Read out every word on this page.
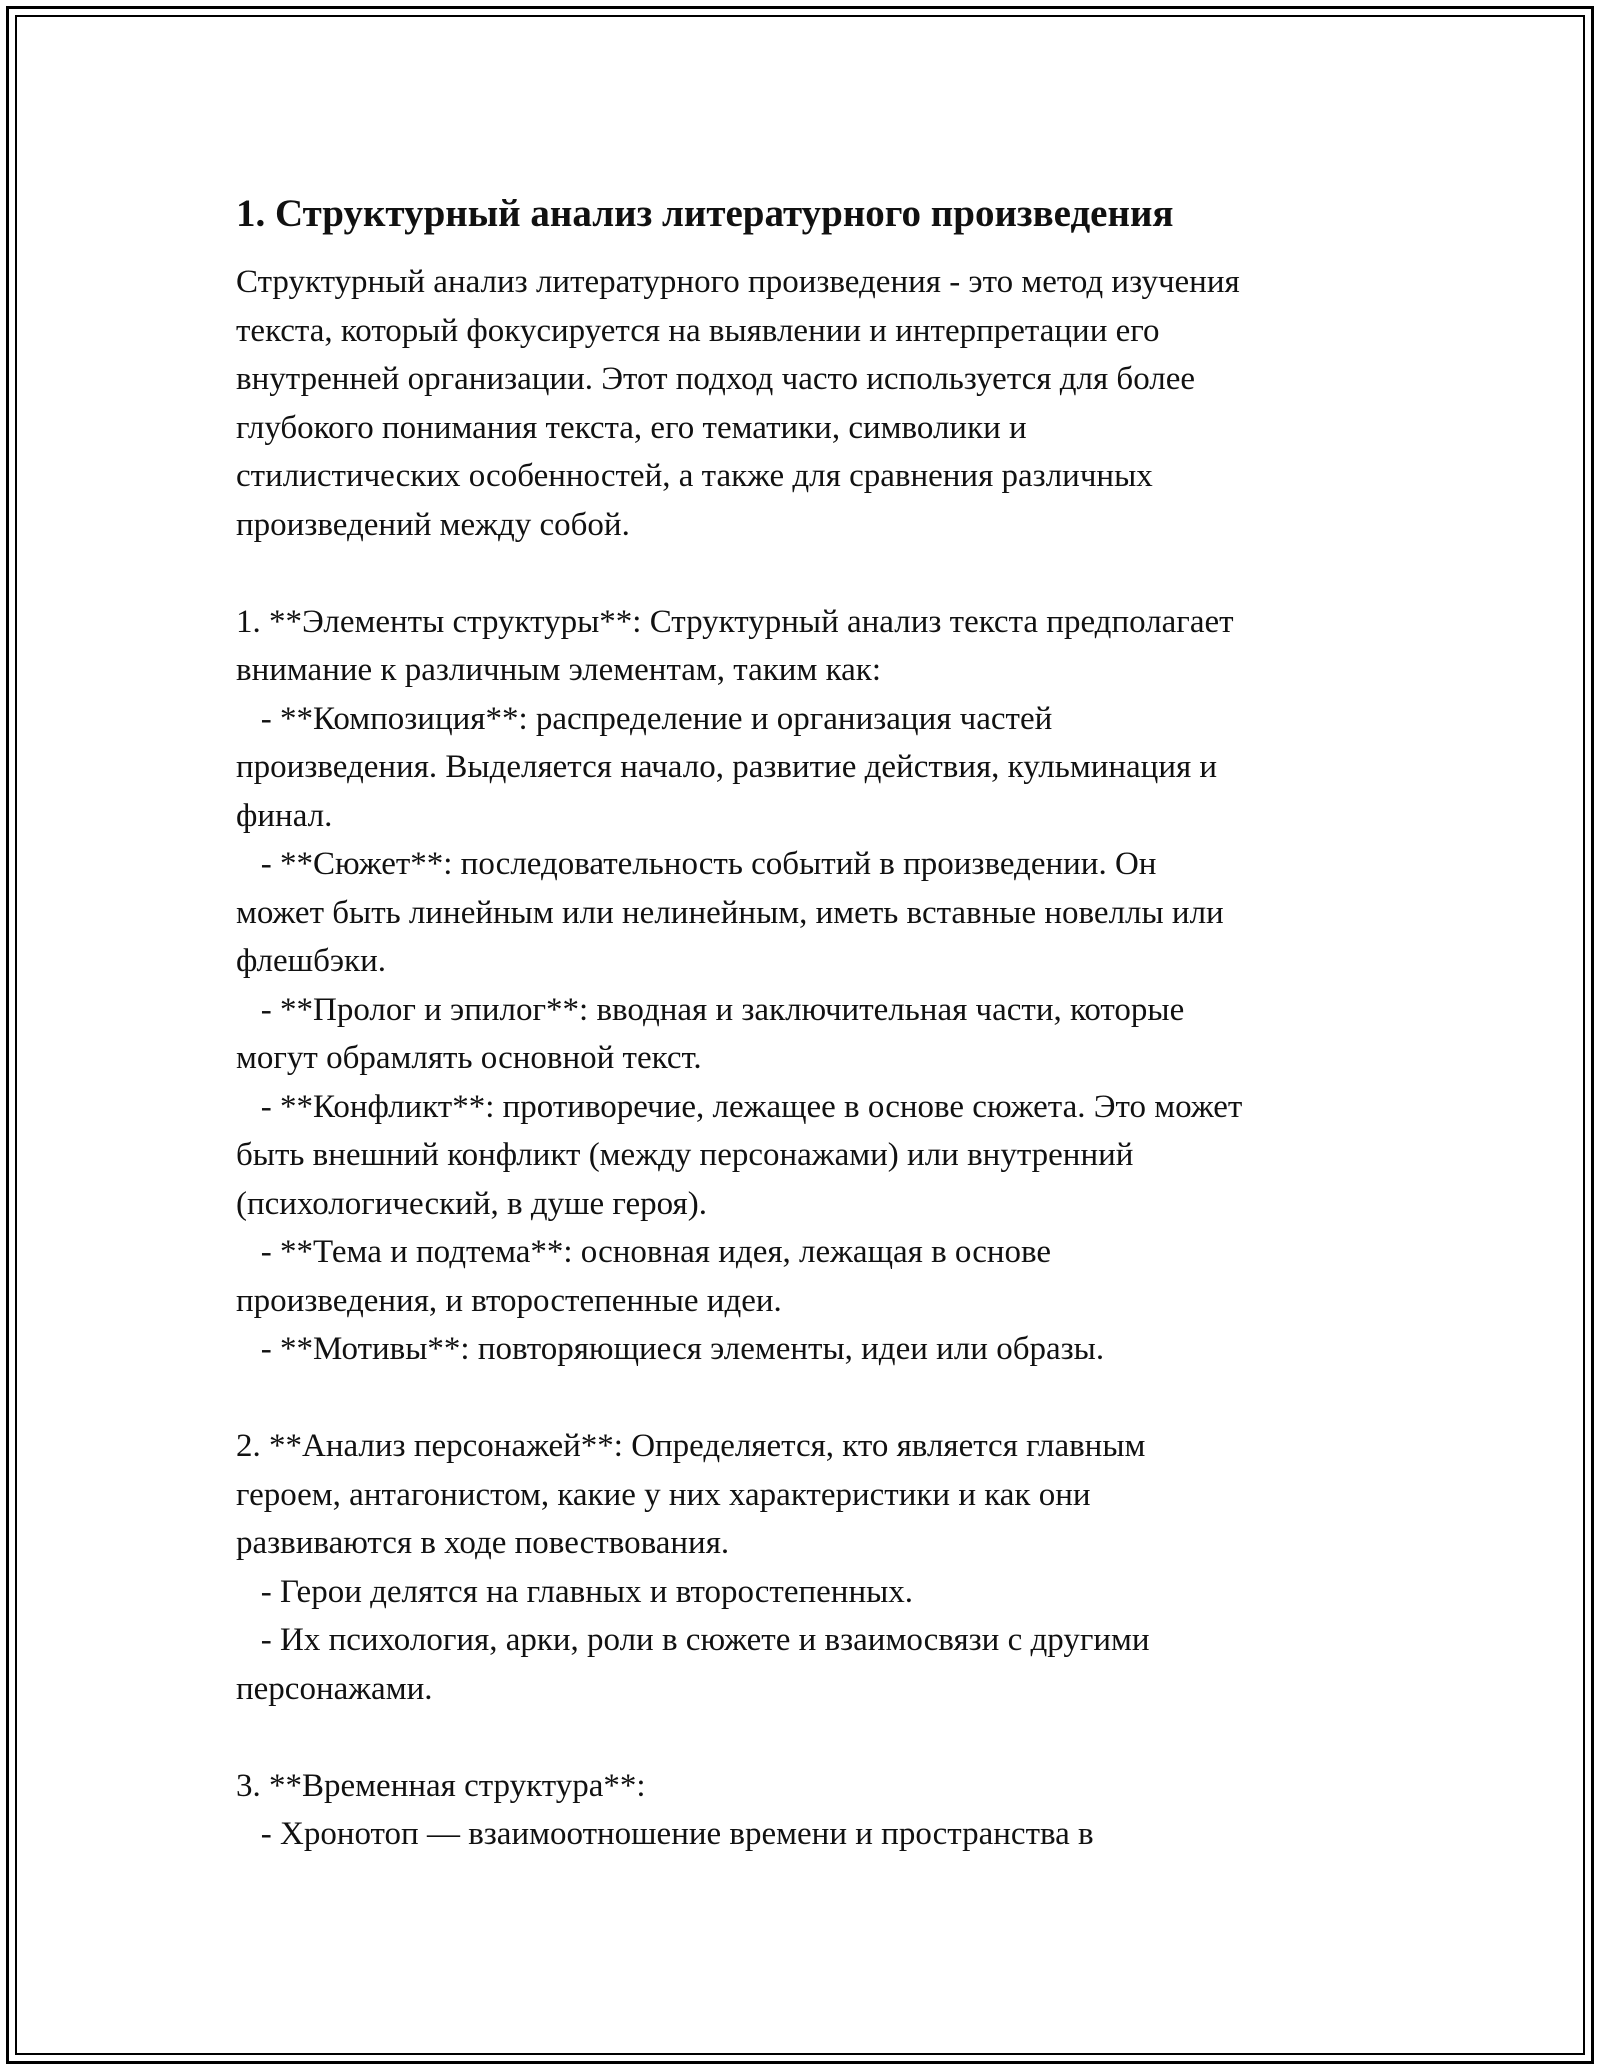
1. Структурный анализ литературного произведения
Структурный анализ литературного произведения - это метод изучения
текста, который фокусируется на выявлении и интерпретации его
внутренней организации. Этот подход часто используется для более
глубокого понимания текста, его тематики, символики и
стилистических особенностей, а также для сравнения различных
произведений между собой.
1. **Элементы структуры**: Структурный анализ текста предполагает
внимание к различным элементам, таким как:
- **Композиция**: распределение и организация частей
произведения. Выделяется начало, развитие действия, кульминация и
финал.
- **Сюжет**: последовательность событий в произведении. Он
может быть линейным или нелинейным, иметь вставные новеллы или
флешбэки.
- **Пролог и эпилог**: вводная и заключительная части, которые
могут обрамлять основной текст.
- **Конфликт**: противоречие, лежащее в основе сюжета. Это может
быть внешний конфликт (между персонажами) или внутренний
(психологический, в душе героя).
- **Тема и подтема**: основная идея, лежащая в основе
произведения, и второстепенные идеи.
- **Мотивы**: повторяющиеся элементы, идеи или образы.
2. **Анализ персонажей**: Определяется, кто является главным
героем, антагонистом, какие у них характеристики и как они
развиваются в ходе повествования.
- Герои делятся на главных и второстепенных.
- Их психология, арки, роли в сюжете и взаимосвязи с другими
персонажами.
3. **Временная структура**:
- Хронотоп — взаимоотношение времени и пространства в
